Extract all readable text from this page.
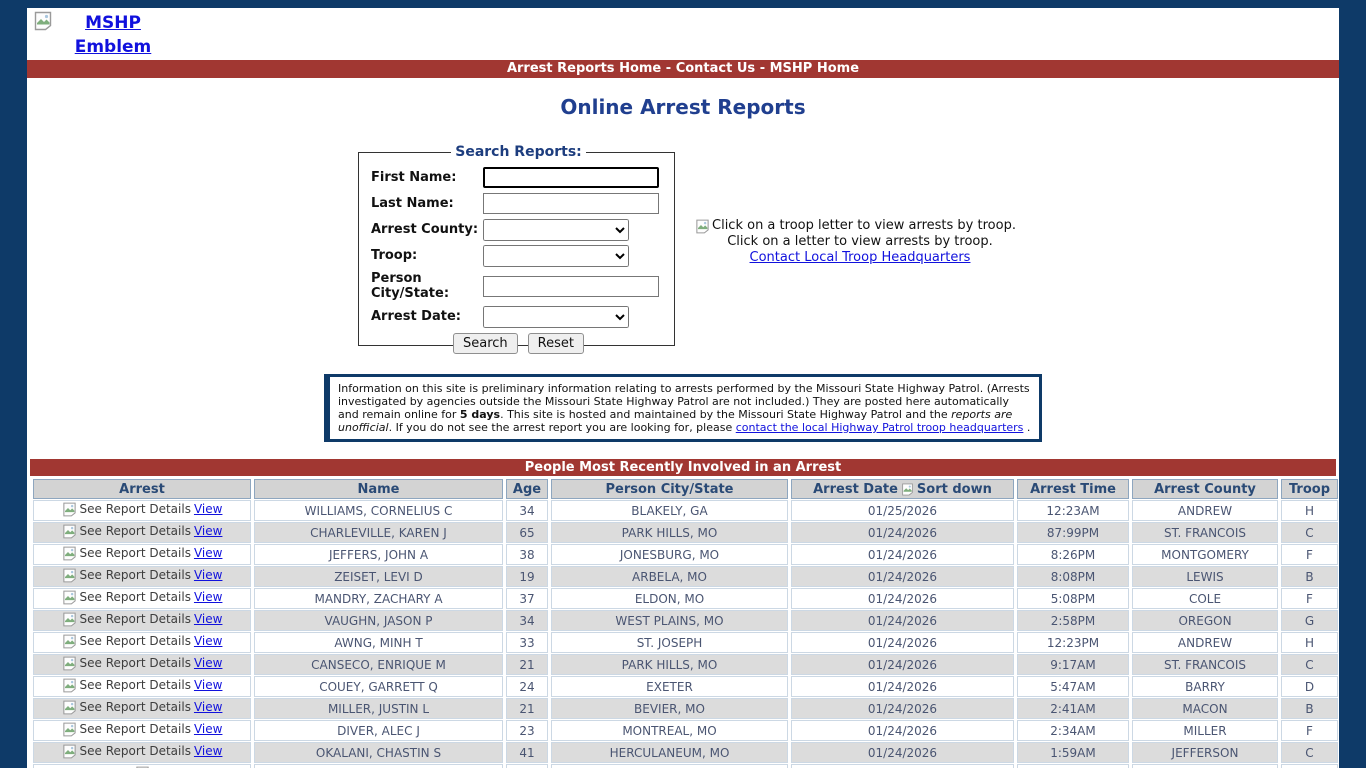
MSHP Emblem
Arrest Reports Home - Contact Us - MSHP Home
Online Arrest Reports
Search Reports:
First Name:	
Last Name:	
Arrest County:	

Troop:	

Person City/State:	
Arrest Date:	

Search Reset	
Click on a troop letter to view arrests by troop.
Click on a letter to view arrests by troop.
Contact Local Troop Headquarters
Information on this site is preliminary information relating to arrests performed by the Missouri State Highway Patrol. (Arrests investigated by agencies outside the Missouri State Highway Patrol are not included.) They are posted here automatically and remain online for 5 days. This site is hosted and maintained by the Missouri State Highway Patrol and the reports are unofficial. If you do not see the arrest report you are looking for, please contact the local Highway Patrol troop headquarters .
People Most Recently Involved in an Arrest
Arrest	Name	Age	Person City/State	Arrest Date Sort down	Arrest Time	Arrest County	Troop

See Report Details View	WILLIAMS, CORNELIUS C	34	BLAKELY, GA	01/25/2026	12:23AM	ANDREW	H

See Report Details View	CHARLEVILLE, KAREN J	65	PARK HILLS, MO	01/24/2026	87:99PM	ST. FRANCOIS	C

See Report Details View	JEFFERS, JOHN A	38	JONESBURG, MO	01/24/2026	8:26PM	MONTGOMERY	F

See Report Details View	ZEISET, LEVI D	19	ARBELA, MO	01/24/2026	8:08PM	LEWIS	B

See Report Details View	MANDRY, ZACHARY A	37	ELDON, MO	01/24/2026	5:08PM	COLE	F

See Report Details View	VAUGHN, JASON P	34	WEST PLAINS, MO	01/24/2026	2:58PM	OREGON	G

See Report Details View	AWNG, MINH T	33	ST. JOSEPH	01/24/2026	12:23PM	ANDREW	H

See Report Details View	CANSECO, ENRIQUE M	21	PARK HILLS, MO	01/24/2026	9:17AM	ST. FRANCOIS	C

See Report Details View	COUEY, GARRETT Q	24	EXETER	01/24/2026	5:47AM	BARRY	D

See Report Details View	MILLER, JUSTIN L	21	BEVIER, MO	01/24/2026	2:41AM	MACON	B

See Report Details View	DIVER, ALEC J	23	MONTREAL, MO	01/24/2026	2:34AM	MILLER	F

See Report Details View	OKALANI, CHASTIN S	41	HERCULANEUM, MO	01/24/2026	1:59AM	JEFFERSON	C
